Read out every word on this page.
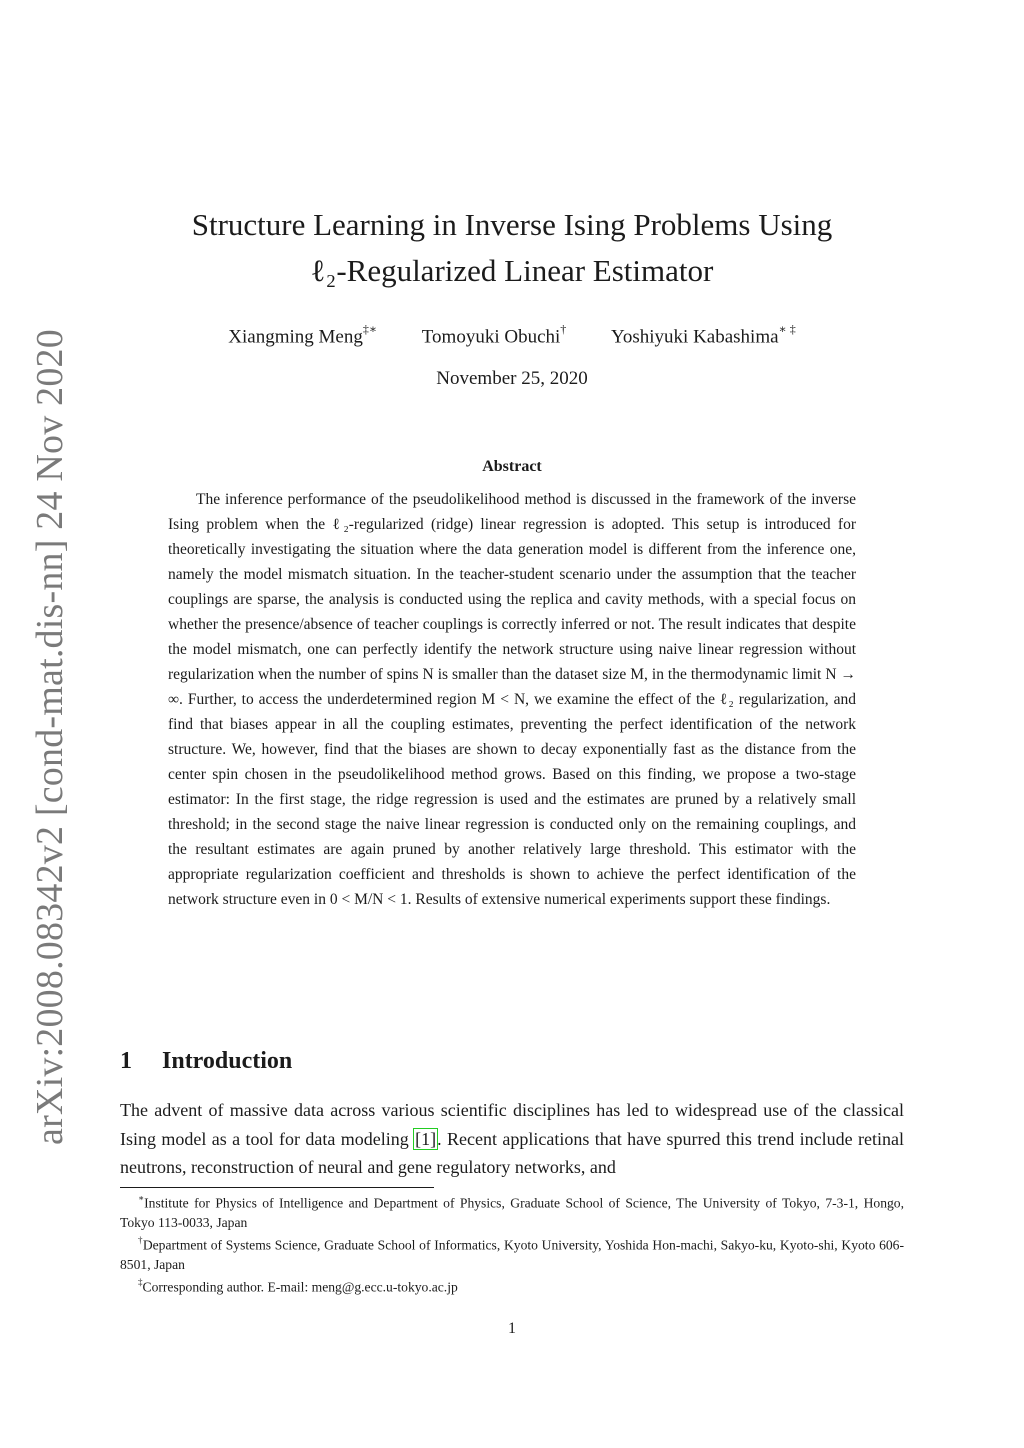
arXiv:2008.08342v2 [cond-mat.dis-nn] 24 Nov 2020
Structure Learning in Inverse Ising Problems Using
ℓ₂-Regularized Linear Estimator
Xiangming Meng‡∗ Tomoyuki Obuchi† Yoshiyuki Kabashima∗ ‡
November 25, 2020
Abstract

The inference performance of the pseudolikelihood method is discussed in the framework of the inverse Ising problem when the ℓ₂-regularized (ridge) linear regression is adopted. This setup is introduced for theoretically investigating the situation where the data generation model is different from the inference one, namely the model mismatch situation. In the teacher-student scenario under the assumption that the teacher couplings are sparse, the analysis is conducted using the replica and cavity methods, with a special focus on whether the presence/absence of teacher couplings is correctly inferred or not. The result indicates that despite the model mismatch, one can perfectly identify the network structure using naive linear regression without regularization when the number of spins N is smaller than the dataset size M, in the thermodynamic limit N → ∞. Further, to access the underdetermined region M < N, we examine the effect of the ℓ₂ regularization, and find that biases appear in all the coupling estimates, preventing the perfect identification of the network structure. We, however, find that the biases are shown to decay exponentially fast as the distance from the center spin chosen in the pseudolikelihood method grows. Based on this finding, we propose a two-stage estimator: In the first stage, the ridge regression is used and the estimates are pruned by a relatively small threshold; in the second stage the naive linear regression is conducted only on the remaining couplings, and the resultant estimates are again pruned by another relatively large threshold. This estimator with the appropriate regularization coefficient and thresholds is shown to achieve the perfect identification of the network structure even in 0 < M/N < 1. Results of extensive numerical experiments support these findings.

1 Introduction

The advent of massive data across various scientific disciplines has led to widespread use of the classical Ising model as a tool for data modeling [1]. Recent applications that have spurred this trend include retinal neutrons, reconstruction of neural and gene regulatory networks, and

∗Institute for Physics of Intelligence and Department of Physics, Graduate School of Science, The University of Tokyo, 7-3-1, Hongo, Tokyo 113-0033, Japan

†Department of Systems Science, Graduate School of Informatics, Kyoto University, Yoshida Hon-machi, Sakyo-ku, Kyoto-shi, Kyoto 606-8501, Japan

‡Corresponding author. E-mail: meng@g.ecc.u-tokyo.ac.jp

1
